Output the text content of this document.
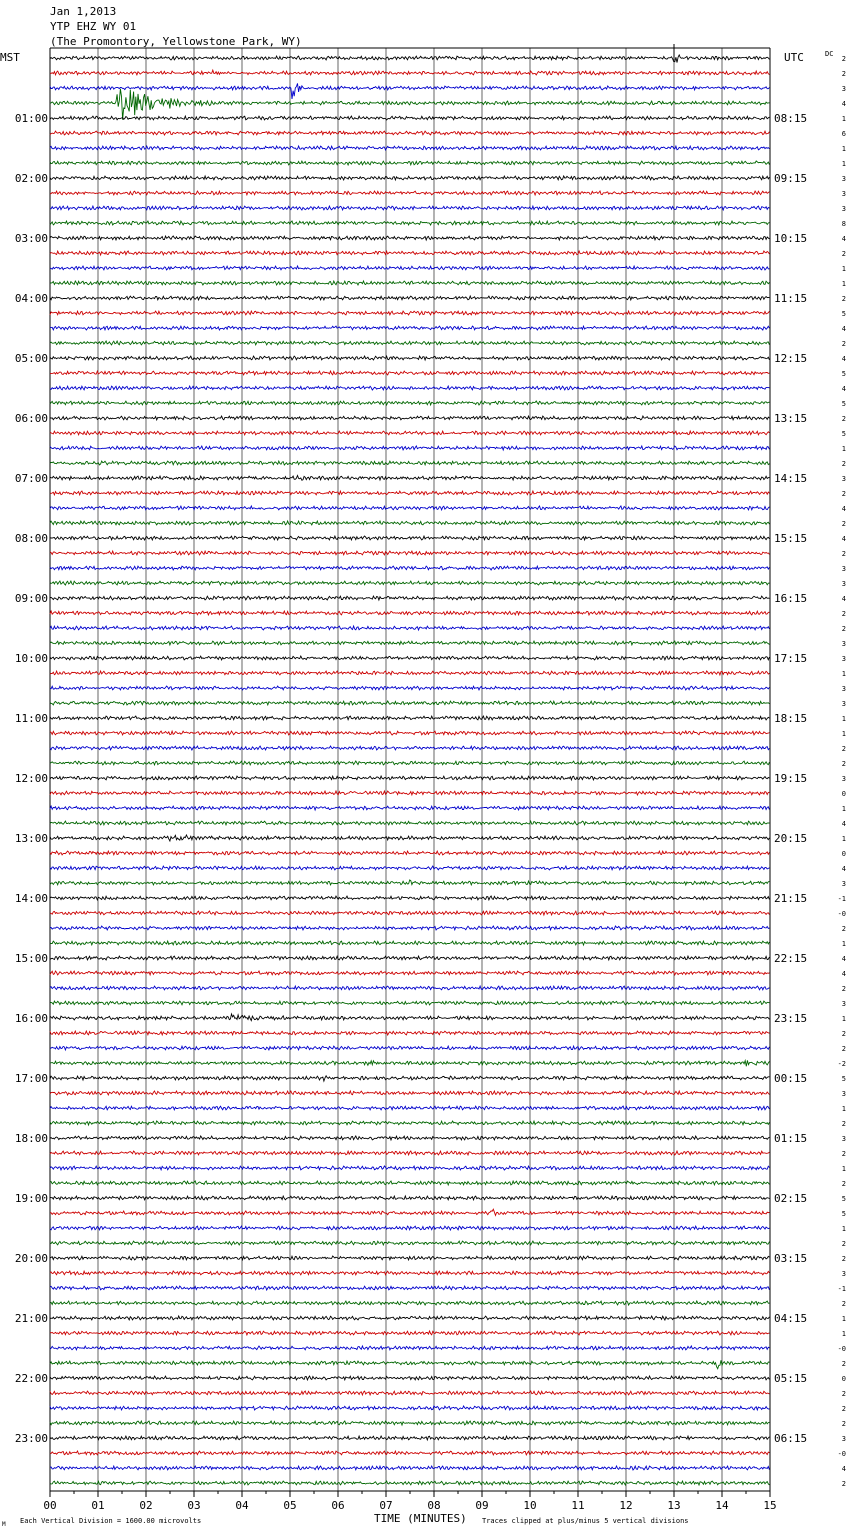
Jan 1,2013
YTP EHZ WY 01
(The Promontory, Yellowstone Park, WY)
00	01	02	03	04	05	06	07	08	09	10	11	12	13	14	15
2
2
3
4
1
6
1
1
3
3
3
8
4
2
1
1
2
5
4
2
4
5
4
5
2
5
1
2
3
2
4
2
4
2
3
3
4
2
2
3
3
1
3
3
1
1
2
2
3
0
1
4
1
0
4
3
-1
-0
2
1
4
4
2
3
1
2
2
-2
5
3
1
2
3
2
1
2
5
5
1
2
2
3
-1
2
1
1
-0
2
0
2
2
2
3
-0
4
2
01:00	08:15
02:00	09:15
03:00	10:15
04:00	11:15
05:00	12:15
06:00	13:15
07:00	14:15
08:00	15:15
09:00	16:15
10:00	17:15
11:00	18:15
12:00	19:15
13:00	20:15
14:00	21:15
15:00	22:15
16:00	23:15
17:00	00:15
18:00	01:15
19:00	02:15
20:00	03:15
21:00	04:15
22:00	05:15
23:00	06:15
MST	UTC	DC
TIME (MINUTES)
Each Vertical Division = 1600.00 microvolts	Traces clipped at plus/minus 5 vertical divisions
M
